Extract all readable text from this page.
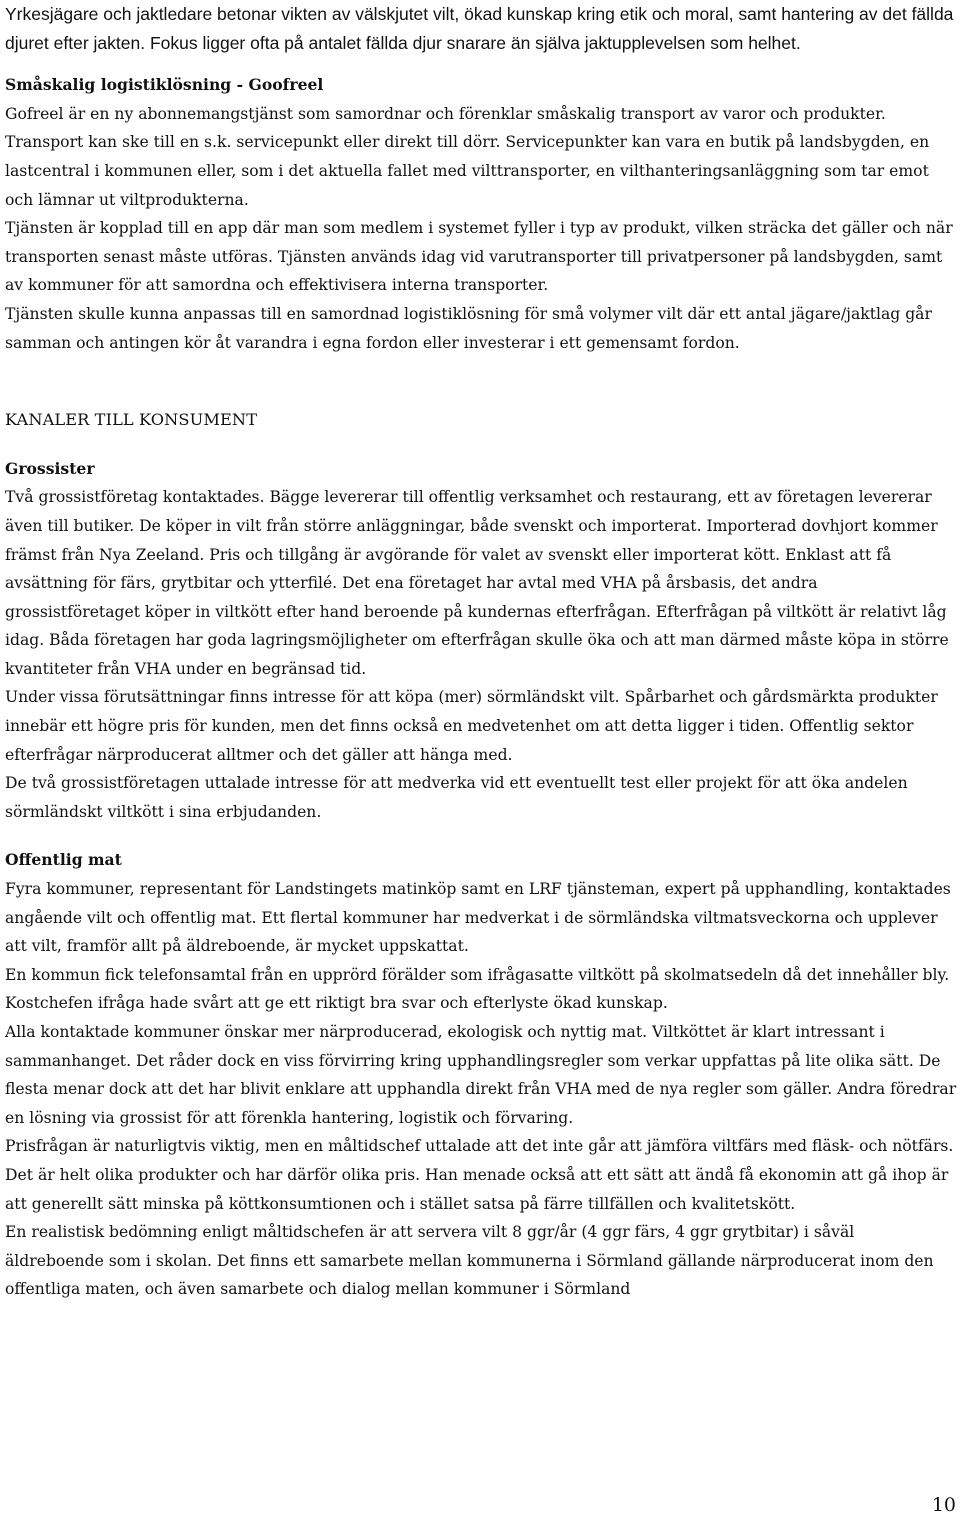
Yrkesjägare och jaktledare betonar vikten av välskjutet vilt, ökad kunskap kring etik och moral, samt hantering av det fällda djuret efter jakten. Fokus ligger ofta på antalet fällda djur snarare än själva jaktupplevelsen som helhet.

Småskalig logistiklösning - Goofreel

Gofreel är en ny abonnemangstjänst som samordnar och förenklar småskalig transport av varor och produkter. Transport kan ske till en s.k. servicepunkt eller direkt till dörr. Servicepunkter kan vara en butik på landsbygden, en lastcentral i kommunen eller, som i det aktuella fallet med vilttransporter, en vilthanteringsanläggning som tar emot och lämnar ut viltprodukterna.

Tjänsten är kopplad till en app där man som medlem i systemet fyller i typ av produkt, vilken sträcka det gäller och när transporten senast måste utföras. Tjänsten används idag vid varutransporter till privatpersoner på landsbygden, samt av kommuner för att samordna och effektivisera interna transporter.

Tjänsten skulle kunna anpassas till en samordnad logistiklösning för små volymer vilt där ett antal jägare/jaktlag går samman och antingen kör åt varandra i egna fordon eller investerar i ett gemensamt fordon.

KANALER TILL KONSUMENT

Grossister

Två grossistföretag kontaktades. Bägge levererar till offentlig verksamhet och restaurang, ett av företagen levererar även till butiker. De köper in vilt från större anläggningar, både svenskt och importerat. Importerad dovhjort kommer främst från Nya Zeeland. Pris och tillgång är avgörande för valet av svenskt eller importerat kött. Enklast att få avsättning för färs, grytbitar och ytterfilé. Det ena företaget har avtal med VHA på årsbasis, det andra grossistföretaget köper in viltkött efter hand beroende på kundernas efterfrågan. Efterfrågan på viltkött är relativt låg idag. Båda företagen har goda lagringsmöjligheter om efterfrågan skulle öka och att man därmed måste köpa in större kvantiteter från VHA under en begränsad tid.

Under vissa förutsättningar finns intresse för att köpa (mer) sörmländskt vilt. Spårbarhet och gårdsmärkta produkter innebär ett högre pris för kunden, men det finns också en medvetenhet om att detta ligger i tiden. Offentlig sektor efterfrågar närproducerat alltmer och det gäller att hänga med.

De två grossistföretagen uttalade intresse för att medverka vid ett eventuellt test eller projekt för att öka andelen sörmländskt viltkött i sina erbjudanden.

Offentlig mat

Fyra kommuner, representant för Landstingets matinköp samt en LRF tjänsteman, expert på upphandling, kontaktades angående vilt och offentlig mat. Ett flertal kommuner har medverkat i de sörmländska viltmatsveckorna och upplever att vilt, framför allt på äldreboende, är mycket uppskattat.

En kommun fick telefonsamtal från en upprörd förälder som ifrågasatte viltkött på skolmatsedeln då det innehåller bly. Kostchefen ifråga hade svårt att ge ett riktigt bra svar och efterlyste ökad kunskap.

Alla kontaktade kommuner önskar mer närproducerad, ekologisk och nyttig mat. Viltköttet är klart intressant i sammanhanget. Det råder dock en viss förvirring kring upphandlingsregler som verkar uppfattas på lite olika sätt. De flesta menar dock att det har blivit enklare att upphandla direkt från VHA med de nya regler som gäller. Andra föredrar en lösning via grossist för att förenkla hantering, logistik och förvaring.

Prisfrågan är naturligtvis viktig, men en måltidschef uttalade att det inte går att jämföra viltfärs med fläsk- och nötfärs. Det är helt olika produkter och har därför olika pris. Han menade också att ett sätt att ändå få ekonomin att gå ihop är att generellt sätt minska på köttkonsumtionen och i stället satsa på färre tillfällen och kvalitetskött.

En realistisk bedömning enligt måltidschefen är att servera vilt 8 ggr/år (4 ggr färs, 4 ggr grytbitar) i såväl äldreboende som i skolan. Det finns ett samarbete mellan kommunerna i Sörmland gällande närproducerat inom den offentliga maten, och även samarbete och dialog mellan kommuner i Sörmland

10
